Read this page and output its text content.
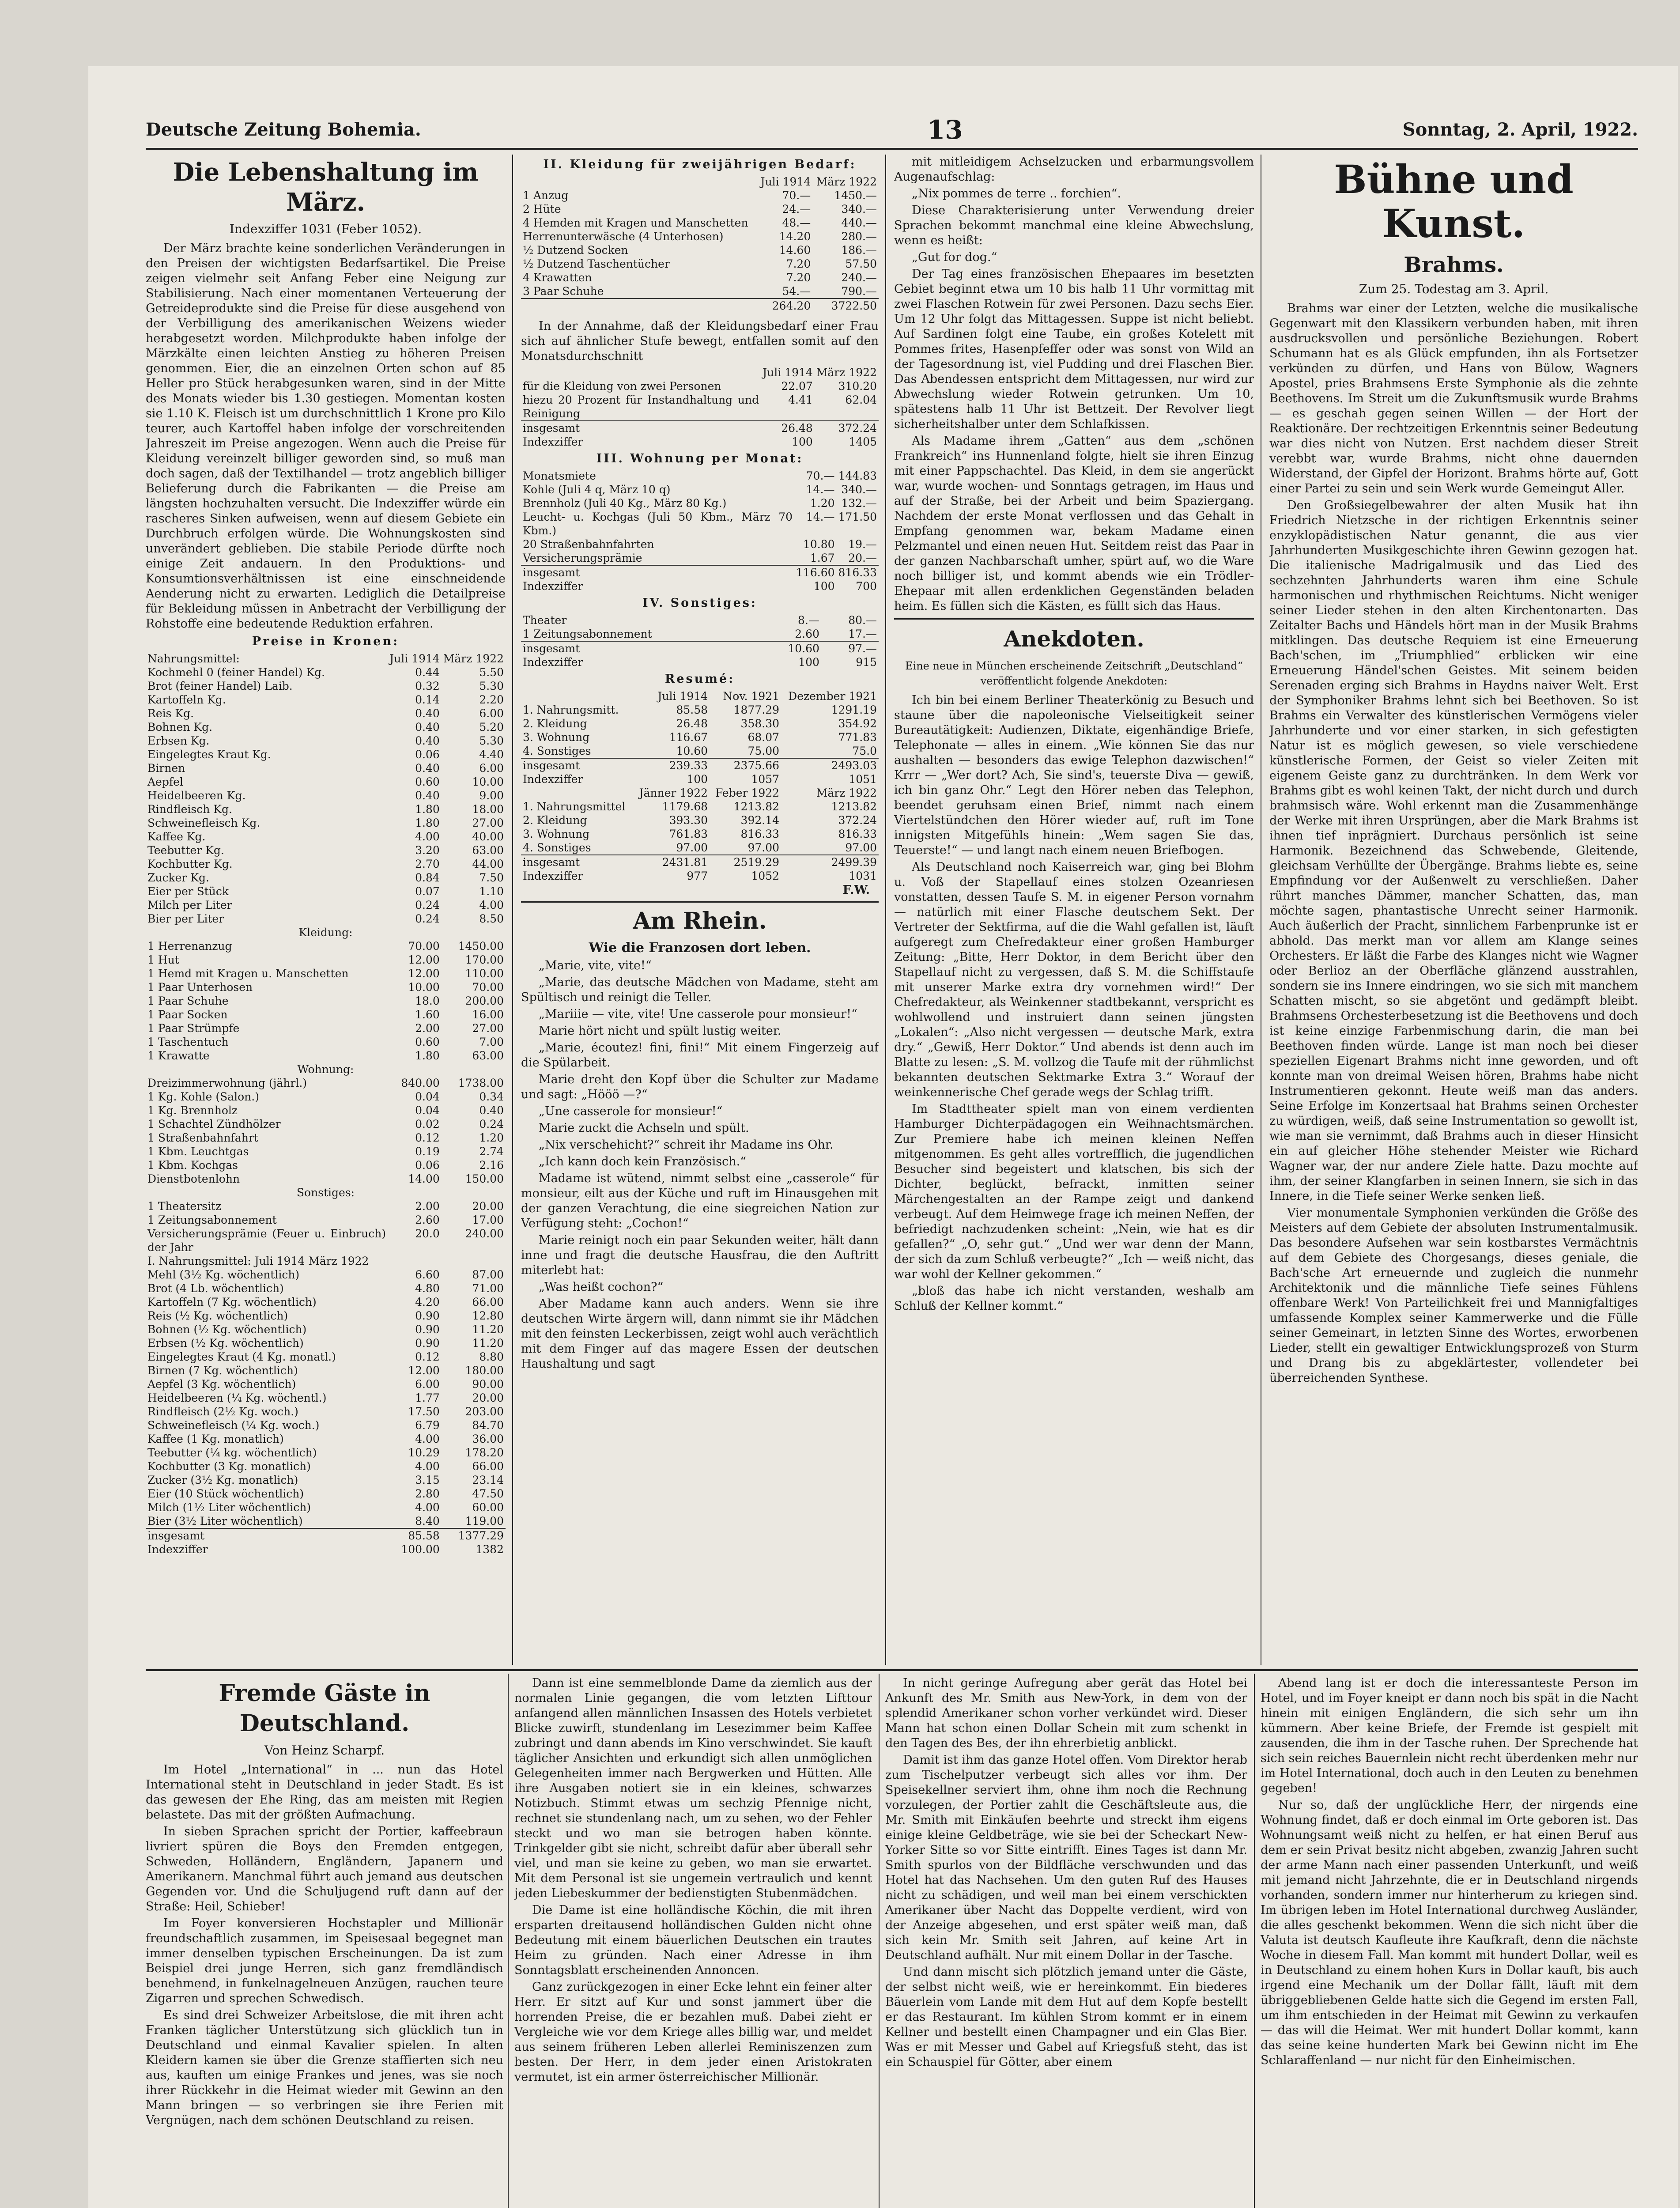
Deutsche Zeitung Bohemia.	13	Sonntag, 2. April, 1922.
Die Lebenshaltung im März.
Indexziffer 1031 (Feber 1052).

Der März brachte keine sonderlichen Veränderungen in den Preisen der wichtigsten Bedarfsartikel. Die Preise zeigen vielmehr seit Anfang Feber eine Neigung zur Stabilisierung. Nach einer momentanen Verteuerung der Getreideprodukte sind die Preise für diese ausgehend von der Verbilligung des amerikanischen Weizens wieder herabgesetzt worden. Milchprodukte haben infolge der Märzkälte einen leichten Anstieg zu höheren Preisen genommen. Eier, die an einzelnen Orten schon auf 85 Heller pro Stück herabgesunken waren, sind in der Mitte des Monats wieder bis 1.30 gestiegen. Momentan kosten sie 1.10 K. Fleisch ist um durchschnittlich 1 Krone pro Kilo teurer, auch Kartoffel haben infolge der vorschreitenden Jahreszeit im Preise angezogen. Wenn auch die Preise für Kleidung vereinzelt billiger geworden sind, so muß man doch sagen, daß der Textilhandel — trotz angeblich billiger Belieferung durch die Fabrikanten — die Preise am längsten hochzuhalten versucht. Die Indexziffer würde ein rascheres Sinken aufweisen, wenn auf diesem Gebiete ein Durchbruch erfolgen würde. Die Wohnungskosten sind unverändert geblieben. Die stabile Periode dürfte noch einige Zeit andauern. In den Produktions- und Konsumtionsverhältnissen ist eine einschneidende Aenderung nicht zu erwarten. Lediglich die Detailpreise für Bekleidung müssen in Anbetracht der Verbilligung der Rohstoffe eine bedeutende Reduktion erfahren.

Preise in Kronen:
Nahrungsmittel:	Juli 1914	März 1922
Kochmehl 0 (feiner Handel) Kg.	0.44	5.50
Brot (feiner Handel) Laib.	0.32	5.30
Kartoffeln Kg.	0.14	2.20
Reis Kg.	0.40	6.00
Bohnen Kg.	0.40	5.20
Erbsen Kg.	0.40	5.30
Eingelegtes Kraut Kg.	0.06	4.40
Birnen	0.40	6.00
Aepfel	0.60	10.00
Heidelbeeren Kg.	0.40	9.00
Rindfleisch Kg.	1.80	18.00
Schweinefleisch Kg.	1.80	27.00
Kaffee Kg.	4.00	40.00
Teebutter Kg.	3.20	63.00
Kochbutter Kg.	2.70	44.00
Zucker Kg.	0.84	7.50
Eier per Stück	0.07	1.10
Milch per Liter	0.24	4.00
Bier per Liter	0.24	8.50
Kleidung:		
1 Herrenanzug	70.00	1450.00
1 Hut	12.00	170.00
1 Hemd mit Kragen u. Manschetten	12.00	110.00
1 Paar Unterhosen	10.00	70.00
1 Paar Schuhe	18.0	200.00
1 Paar Socken	1.60	16.00
1 Paar Strümpfe	2.00	27.00
1 Taschentuch	0.60	7.00
1 Krawatte	1.80	63.00
Wohnung:		
Dreizimmerwohnung (jährl.)	840.00	1738.00
1 Kg. Kohle (Salon.)	0.04	0.34
1 Kg. Brennholz	0.04	0.40
1 Schachtel Zündhölzer	0.02	0.24
1 Straßenbahnfahrt	0.12	1.20
1 Kbm. Leuchtgas	0.19	2.74
1 Kbm. Kochgas	0.06	2.16
Dienstbotenlohn	14.00	150.00
Sonstiges:		
1 Theatersitz	2.00	20.00
1 Zeitungsabonnement	2.60	17.00
Versicherungsprämie (Feuer u. Einbruch) der Jahr	20.0	240.00
I. Nahrungsmittel: Juli 1914 März 1922		
Mehl (3½ Kg. wöchentlich)	6.60	87.00
Brot (4 Lb. wöchentlich)	4.80	71.00
Kartoffeln (7 Kg. wöchentlich)	4.20	66.00
Reis (½ Kg. wöchentlich)	0.90	12.80
Bohnen (½ Kg. wöchentlich)	0.90	11.20
Erbsen (½ Kg. wöchentlich)	0.90	11.20
Eingelegtes Kraut (4 Kg. monatl.)	0.12	8.80
Birnen (7 Kg. wöchentlich)	12.00	180.00
Aepfel (3 Kg. wöchentlich)	6.00	90.00
Heidelbeeren (¼ Kg. wöchentl.)	1.77	20.00
Rindfleisch (2½ Kg. woch.)	17.50	203.00
Schweinefleisch (¼ Kg. woch.)	6.79	84.70
Kaffee (1 Kg. monatlich)	4.00	36.00
Teebutter (¼ kg. wöchentlich)	10.29	178.20
Kochbutter (3 Kg. monatlich)	4.00	66.00
Zucker (3½ Kg. monatlich)	3.15	23.14
Eier (10 Stück wöchentlich)	2.80	47.50
Milch (1½ Liter wöchentlich)	4.00	60.00
Bier (3½ Liter wöchentlich)	8.40	119.00
insgesamt	85.58	1377.29
Indexziffer	100.00	1382
II. Kleidung für zweijährigen Bedarf:
	Juli 1914	März 1922
1 Anzug	70.—	1450.—
2 Hüte	24.—	340.—
4 Hemden mit Kragen und Manschetten	48.—	440.—
Herrenunterwäsche (4 Unterhosen)	14.20	280.—
½ Dutzend Socken	14.60	186.—
½ Dutzend Taschentücher	7.20	57.50
4 Krawatten	7.20	240.—
3 Paar Schuhe	54.—	790.—
	264.20	3722.50

In der Annahme, daß der Kleidungsbedarf einer Frau sich auf ähnlicher Stufe bewegt, entfallen somit auf den Monatsdurchschnitt

	Juli 1914	März 1922
für die Kleidung von zwei Personen	22.07	310.20
hiezu 20 Prozent für Instandhaltung und Reinigung	4.41	62.04
insgesamt	26.48	372.24
Indexziffer	100	1405
III. Wohnung per Monat:
Monatsmiete	70.—	144.83
Kohle (Juli 4 q, März 10 q)	14.—	340.—
Brennholz (Juli 40 Kg., März 80 Kg.)	1.20	132.—
Leucht- u. Kochgas (Juli 50 Kbm., März 70 Kbm.)	14.—	171.50
20 Straßenbahnfahrten	10.80	19.—
Versicherungsprämie	1.67	20.—
insgesamt	116.60	816.33
Indexziffer	100	700
IV. Sonstiges:
Theater	8.—	80.—
1 Zeitungsabonnement	2.60	17.—
insgesamt	10.60	97.—
Indexziffer	100	915
Resumé:
	Juli 1914	Nov. 1921	Dezember 1921
1. Nahrungsmitt.	85.58	1877.29	1291.19
2. Kleidung	26.48	358.30	354.92
3. Wohnung	116.67	68.07	771.83
4. Sonstiges	10.60	75.00	75.0
insgesamt	239.33	2375.66	2493.03
Indexziffer	100	1057	1051
	Jänner 1922	Feber 1922	März 1922
1. Nahrungsmittel	1179.68	1213.82	1213.82
2. Kleidung	393.30	392.14	372.24
3. Wohnung	761.83	816.33	816.33
4. Sonstiges	97.00	97.00	97.00
insgesamt	2431.81	2519.29	2499.39
Indexziffer	977	1052	1031
F.W.
Am Rhein.
Wie die Franzosen dort leben.

„Marie, vite, vite!“

„Marie, das deutsche Mädchen von Madame, steht am Spültisch und reinigt die Teller.

„Mariiie — vite, vite! Une casserole pour monsieur!“

Marie hört nicht und spült lustig weiter.

„Marie, écoutez! fini, fini!“ Mit einem Fingerzeig auf die Spülarbeit.

Marie dreht den Kopf über die Schulter zur Madame und sagt: „Hööö —?“

„Une casserole for monsieur!“

Marie zuckt die Achseln und spült.

„Nix verschehicht?“ schreit ihr Madame ins Ohr.

„Ich kann doch kein Französisch.“

Madame ist wütend, nimmt selbst eine „casserole“ für monsieur, eilt aus der Küche und ruft im Hinausgehen mit der ganzen Verachtung, die eine siegreichen Nation zur Verfügung steht: „Cochon!“

Marie reinigt noch ein paar Sekunden weiter, hält dann inne und fragt die deutsche Hausfrau, die den Auftritt miterlebt hat:

„Was heißt cochon?“

Aber Madame kann auch anders. Wenn sie ihre deutschen Wirte ärgern will, dann nimmt sie ihr Mädchen mit den feinsten Leckerbissen, zeigt wohl auch verächtlich mit dem Finger auf das magere Essen der deutschen Haushaltung und sagt

mit mitleidigem Achselzucken und erbarmungsvollem Augenaufschlag:

„Nix pommes de terre .. forchien“.

Diese Charakterisierung unter Verwendung dreier Sprachen bekommt manchmal eine kleine Abwechslung, wenn es heißt:

„Gut for dog.“

Der Tag eines französischen Ehepaares im besetzten Gebiet beginnt etwa um 10 bis halb 11 Uhr vormittag mit zwei Flaschen Rotwein für zwei Personen. Dazu sechs Eier. Um 12 Uhr folgt das Mittagessen. Suppe ist nicht beliebt. Auf Sardinen folgt eine Taube, ein großes Kotelett mit Pommes frites, Hasenpfeffer oder was sonst von Wild an der Tagesordnung ist, viel Pudding und drei Flaschen Bier. Das Abendessen entspricht dem Mittagessen, nur wird zur Abwechslung wieder Rotwein getrunken. Um 10, spätestens halb 11 Uhr ist Bettzeit. Der Revolver liegt sicherheitshalber unter dem Schlafkissen.

Als Madame ihrem „Gatten“ aus dem „schönen Frankreich“ ins Hunnenland folgte, hielt sie ihren Einzug mit einer Pappschachtel. Das Kleid, in dem sie angerückt war, wurde wochen- und Sonntags getragen, im Haus und auf der Straße, bei der Arbeit und beim Spaziergang. Nachdem der erste Monat verflossen und das Gehalt in Empfang genommen war, bekam Madame einen Pelzmantel und einen neuen Hut. Seitdem reist das Paar in der ganzen Nachbarschaft umher, spürt auf, wo die Ware noch billiger ist, und kommt abends wie ein Trödler-Ehepaar mit allen erdenklichen Gegenständen beladen heim. Es füllen sich die Kästen, es füllt sich das Haus.

Anekdoten.
Eine neue in München erscheinende Zeitschrift „Deutschland“ veröffentlicht folgende Anekdoten:

Ich bin bei einem Berliner Theaterkönig zu Besuch und staune über die napoleonische Vielseitigkeit seiner Bureautätigkeit: Audienzen, Diktate, eigenhändige Briefe, Telephonate — alles in einem. „Wie können Sie das nur aushalten — besonders das ewige Telephon dazwischen!“ Krrr — „Wer dort? Ach, Sie sind's, teuerste Diva — gewiß, ich bin ganz Ohr.“ Legt den Hörer neben das Telephon, beendet geruhsam einen Brief, nimmt nach einem Viertelstündchen den Hörer wieder auf, ruft im Tone innigsten Mitgefühls hinein: „Wem sagen Sie das, Teuerste!“ — und langt nach einem neuen Briefbogen.

Als Deutschland noch Kaiserreich war, ging bei Blohm u. Voß der Stapellauf eines stolzen Ozeanriesen vonstatten, dessen Taufe S. M. in eigener Person vornahm — natürlich mit einer Flasche deutschem Sekt. Der Vertreter der Sektfirma, auf die die Wahl gefallen ist, läuft aufgeregt zum Chefredakteur einer großen Hamburger Zeitung: „Bitte, Herr Doktor, in dem Bericht über den Stapellauf nicht zu vergessen, daß S. M. die Schiffstaufe mit unserer Marke extra dry vornehmen wird!“ Der Chefredakteur, als Weinkenner stadtbekannt, verspricht es wohlwollend und instruiert dann seinen jüngsten „Lokalen“: „Also nicht vergessen — deutsche Mark, extra dry.“ „Gewiß, Herr Doktor.“ Und abends ist denn auch im Blatte zu lesen: „S. M. vollzog die Taufe mit der rühmlichst bekannten deutschen Sektmarke Extra 3.“ Worauf der weinkennerische Chef gerade wegs der Schlag trifft.

Im Stadttheater spielt man von einem verdienten Hamburger Dichterpädagogen ein Weihnachtsmärchen. Zur Premiere habe ich meinen kleinen Neffen mitgenommen. Es geht alles vortrefflich, die jugendlichen Besucher sind begeistert und klatschen, bis sich der Dichter, beglückt, befrackt, inmitten seiner Märchengestalten an der Rampe zeigt und dankend verbeugt. Auf dem Heimwege frage ich meinen Neffen, der befriedigt nachzudenken scheint: „Nein, wie hat es dir gefallen?“ „O, sehr gut.“ „Und wer war denn der Mann, der sich da zum Schluß verbeugte?“ „Ich — weiß nicht, das war wohl der Kellner gekommen.“

„bloß das habe ich nicht verstanden, weshalb am Schluß der Kellner kommt.“

Bühne und Kunst.
Brahms.
Zum 25. Todestag am 3. April.

Brahms war einer der Letzten, welche die musikalische Gegenwart mit den Klassikern verbunden haben, mit ihren ausdrucksvollen und persönliche Beziehungen. Robert Schumann hat es als Glück empfunden, ihn als Fortsetzer verkünden zu dürfen, und Hans von Bülow, Wagners Apostel, pries Brahmsens Erste Symphonie als die zehnte Beethovens. Im Streit um die Zukunftsmusik wurde Brahms — es geschah gegen seinen Willen — der Hort der Reaktionäre. Der rechtzeitigen Erkenntnis seiner Bedeutung war dies nicht von Nutzen. Erst nachdem dieser Streit verebbt war, wurde Brahms, nicht ohne dauernden Widerstand, der Gipfel der Horizont. Brahms hörte auf, Gott einer Partei zu sein und sein Werk wurde Gemeingut Aller.

Den Großsiegelbewahrer der alten Musik hat ihn Friedrich Nietzsche in der richtigen Erkenntnis seiner enzyklopädistischen Natur genannt, die aus vier Jahrhunderten Musikgeschichte ihren Gewinn gezogen hat. Die italienische Madrigalmusik und das Lied des sechzehnten Jahrhunderts waren ihm eine Schule harmonischen und rhythmischen Reichtums. Nicht weniger seiner Lieder stehen in den alten Kirchentonarten. Das Zeitalter Bachs und Händels hört man in der Musik Brahms mitklingen. Das deutsche Requiem ist eine Erneuerung Bach'schen, im „Triumphlied“ erblicken wir eine Erneuerung Händel'schen Geistes. Mit seinem beiden Serenaden erging sich Brahms in Haydns naiver Welt. Erst der Symphoniker Brahms lehnt sich bei Beethoven. So ist Brahms ein Verwalter des künstlerischen Vermögens vieler Jahrhunderte und vor einer starken, in sich gefestigten Natur ist es möglich gewesen, so viele verschiedene künstlerische Formen, der Geist so vieler Zeiten mit eigenem Geiste ganz zu durchtränken. In dem Werk vor Brahms gibt es wohl keinen Takt, der nicht durch und durch brahmsisch wäre. Wohl erkennt man die Zusammenhänge der Werke mit ihren Ursprüngen, aber die Mark Brahms ist ihnen tief inprägniert. Durchaus persönlich ist seine Harmonik. Bezeichnend das Schwebende, Gleitende, gleichsam Verhüllte der Übergänge. Brahms liebte es, seine Empfindung vor der Außenwelt zu verschließen. Daher rührt manches Dämmer, mancher Schatten, das, man möchte sagen, phantastische Unrecht seiner Harmonik. Auch äußerlich der Pracht, sinnlichem Farbenprunke ist er abhold. Das merkt man vor allem am Klange seines Orchesters. Er läßt die Farbe des Klanges nicht wie Wagner oder Berlioz an der Oberfläche glänzend ausstrahlen, sondern sie ins Innere eindringen, wo sie sich mit manchem Schatten mischt, so sie abgetönt und gedämpft bleibt. Brahmsens Orchesterbesetzung ist die Beethovens und doch ist keine einzige Farbenmischung darin, die man bei Beethoven finden würde. Lange ist man noch bei dieser speziellen Eigenart Brahms nicht inne geworden, und oft konnte man von dreimal Weisen hören, Brahms habe nicht Instrumentieren gekonnt. Heute weiß man das anders. Seine Erfolge im Konzertsaal hat Brahms seinen Orchester zu würdigen, weiß, daß seine Instrumentation so gewollt ist, wie man sie vernimmt, daß Brahms auch in dieser Hinsicht ein auf gleicher Höhe stehender Meister wie Richard Wagner war, der nur andere Ziele hatte. Dazu mochte auf ihm, der seiner Klangfarben in seinen Innern, sie sich in das Innere, in die Tiefe seiner Werke senken ließ.

Vier monumentale Symphonien verkünden die Größe des Meisters auf dem Gebiete der absoluten Instrumentalmusik. Das besondere Aufsehen war sein kostbarstes Vermächtnis auf dem Gebiete des Chorgesangs, dieses geniale, die Bach'sche Art erneuernde und zugleich die nunmehr Architektonik und die männliche Tiefe seines Fühlens offenbare Werk! Von Parteilichkeit frei und Mannigfaltiges umfassende Komplex seiner Kammerwerke und die Fülle seiner Gemeinart, in letzten Sinne des Wortes, erworbenen Lieder, stellt ein gewaltiger Entwicklungsprozeß von Sturm und Drang bis zu abgeklärtester, vollendeter bei überreichenden Synthese.

Fremde Gäste in Deutschland.
Von Heinz Scharpf.

Im Hotel „International“ in ... nun das Hotel International steht in Deutschland in jeder Stadt. Es ist das gewesen der Ehe Ring, das am meisten mit Regien belastete. Das mit der größten Aufmachung.

In sieben Sprachen spricht der Portier, kaffeebraun livriert spüren die Boys den Fremden entgegen, Schweden, Holländern, Engländern, Japanern und Amerikanern. Manchmal führt auch jemand aus deutschen Gegenden vor. Und die Schuljugend ruft dann auf der Straße: Heil, Schieber!

Im Foyer konversieren Hochstapler und Millionär freundschaftlich zusammen, im Speisesaal begegnet man immer denselben typischen Erscheinungen. Da ist zum Beispiel drei junge Herren, sich ganz fremdländisch benehmend, in funkelnagelneuen Anzügen, rauchen teure Zigarren und sprechen Schwedisch.

Es sind drei Schweizer Arbeitslose, die mit ihren acht Franken täglicher Unterstützung sich glücklich tun in Deutschland und einmal Kavalier spielen. In alten Kleidern kamen sie über die Grenze staffierten sich neu aus, kauften um einige Frankes und jenes, was sie noch ihrer Rückkehr in die Heimat wieder mit Gewinn an den Mann bringen — so verbringen sie ihre Ferien mit Vergnügen, nach dem schönen Deutschland zu reisen.

Dann ist eine semmelblonde Dame da ziemlich aus der normalen Linie gegangen, die vom letzten Lifttour anfangend allen männlichen Insassen des Hotels verbietet Blicke zuwirft, stundenlang im Lesezimmer beim Kaffee zubringt und dann abends im Kino verschwindet. Sie kauft täglicher Ansichten und erkundigt sich allen unmöglichen Gelegenheiten immer nach Bergwerken und Hütten. Alle ihre Ausgaben notiert sie in ein kleines, schwarzes Notizbuch. Stimmt etwas um sechzig Pfennige nicht, rechnet sie stundenlang nach, um zu sehen, wo der Fehler steckt und wo man sie betrogen haben könnte. Trinkgelder gibt sie nicht, schreibt dafür aber überall sehr viel, und man sie keine zu geben, wo man sie erwartet. Mit dem Personal ist sie ungemein vertraulich und kennt jeden Liebeskummer der bedienstigten Stubenmädchen.

Die Dame ist eine holländische Köchin, die mit ihren ersparten dreitausend holländischen Gulden nicht ohne Bedeutung mit einem bäuerlichen Deutschen ein trautes Heim zu gründen. Nach einer Adresse in ihm Sonntagsblatt erscheinenden Annoncen.

Ganz zurückgezogen in einer Ecke lehnt ein feiner alter Herr. Er sitzt auf Kur und sonst jammert über die horrenden Preise, die er bezahlen muß. Dabei zieht er Vergleiche wie vor dem Kriege alles billig war, und meldet aus seinem früheren Leben allerlei Reminiszenzen zum besten. Der Herr, in dem jeder einen Aristokraten vermutet, ist ein armer österreichischer Millionär.

In nicht geringe Aufregung aber gerät das Hotel bei Ankunft des Mr. Smith aus New-York, in dem von der splendid Amerikaner schon vorher verkündet wird. Dieser Mann hat schon einen Dollar Schein mit zum schenkt in den Tagen des Bes, der ihn ehrerbietig anblickt.

Damit ist ihm das ganze Hotel offen. Vom Direktor herab zum Tischelputzer verbeugt sich alles vor ihm. Der Speisekellner serviert ihm, ohne ihm noch die Rechnung vorzulegen, der Portier zahlt die Geschäftsleute aus, die Mr. Smith mit Einkäufen beehrte und streckt ihm eigens einige kleine Geldbeträge, wie sie bei der Scheckart New-Yorker Sitte so vor Sitte eintrifft. Eines Tages ist dann Mr. Smith spurlos von der Bildfläche verschwunden und das Hotel hat das Nachsehen. Um den guten Ruf des Hauses nicht zu schädigen, und weil man bei einem verschickten Amerikaner über Nacht das Doppelte verdient, wird von der Anzeige abgesehen, und erst später weiß man, daß sich kein Mr. Smith seit Jahren, auf keine Art in Deutschland aufhält. Nur mit einem Dollar in der Tasche.

Und dann mischt sich plötzlich jemand unter die Gäste, der selbst nicht weiß, wie er hereinkommt. Ein biederes Bäuerlein vom Lande mit dem Hut auf dem Kopfe bestellt er das Restaurant. Im kühlen Strom kommt er in einem Kellner und bestellt einen Champagner und ein Glas Bier. Was er mit Messer und Gabel auf Kriegsfuß steht, das ist ein Schauspiel für Götter, aber einem

Abend lang ist er doch die interessanteste Person im Hotel, und im Foyer kneipt er dann noch bis spät in die Nacht hinein mit einigen Engländern, die sich sehr um ihn kümmern. Aber keine Briefe, der Fremde ist gespielt mit zausenden, die ihm in der Tasche ruhen. Der Sprechende hat sich sein reiches Bauernlein nicht recht überdenken mehr nur im Hotel International, doch auch in den Leuten zu benehmen gegeben!

Nur so, daß der unglückliche Herr, der nirgends eine Wohnung findet, daß er doch einmal im Orte geboren ist. Das Wohnungsamt weiß nicht zu helfen, er hat einen Beruf aus dem er sein Privat besitz nicht abgeben, zwanzig Jahren sucht der arme Mann nach einer passenden Unterkunft, und weiß mit jemand nicht Jahrzehnte, die er in Deutschland nirgends vorhanden, sondern immer nur hinterherum zu kriegen sind. Im übrigen leben im Hotel International durchweg Ausländer, die alles geschenkt bekommen. Wenn die sich nicht über die Valuta ist deutsch Kaufleute ihre Kaufkraft, denn die nächste Woche in diesem Fall. Man kommt mit hundert Dollar, weil es in Deutschland zu einem hohen Kurs in Dollar kauft, bis auch irgend eine Mechanik um der Dollar fällt, läuft mit dem übriggebliebenen Gelde hatte sich die Gegend im ersten Fall, um ihm entschieden in der Heimat mit Gewinn zu verkaufen — das will die Heimat. Wer mit hundert Dollar kommt, kann das seine keine hunderten Mark bei Gewinn nicht im Ehe Schlaraffenland — nur nicht für den Einheimischen.
